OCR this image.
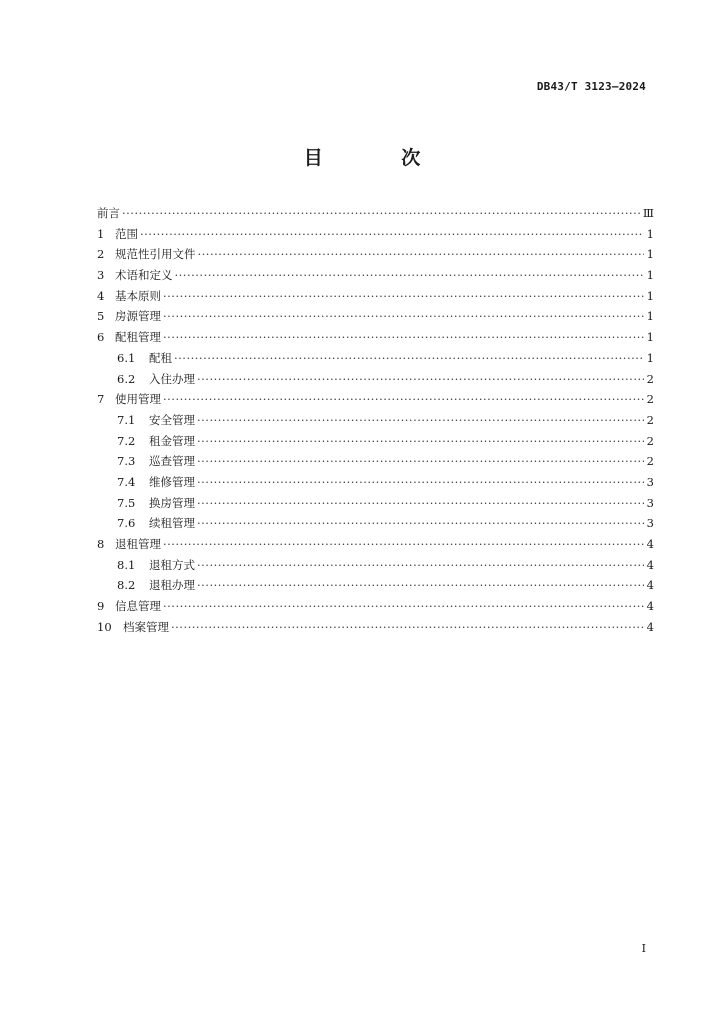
DB43/T 3123—2024
目 次
前言 ·····	Ⅲ
1 范围 ·····	1
2 规范性引用文件 ·····	1
3 术语和定义 ·····	1
4 基本原则 ·····	1
5 房源管理 ·····	1
6 配租管理 ·····	1
6.1	配租 ·····	1
6.2	入住办理 ·····	2
7 使用管理 ·····	2
7.1	安全管理 ·····	2
7.2	租金管理 ·····	2
7.3	巡查管理 ·····	2
7.4	维修管理 ·····	3
7.5	换房管理 ·····	3
7.6	续租管理 ·····	3
8 退租管理 ·····	4
8.1	退租方式 ·····	4
8.2	退租办理 ·····	4
9 信息管理 ·····	4
10 档案管理 ·····	4
I
